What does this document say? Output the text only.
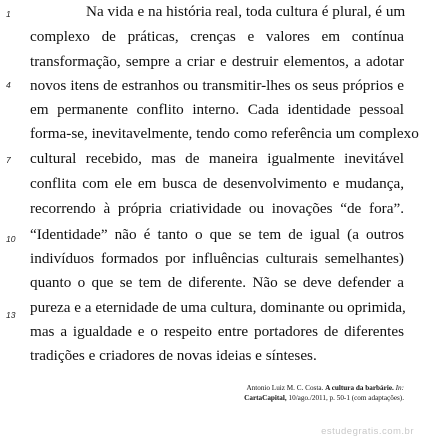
1
4
7
10
13
Na vida e na história real, toda cultura é plural, é um
complexo de práticas, crenças e valores em contínua
transformação, sempre a criar e destruir elementos, a adotar
novos itens de estranhos ou transmitir-lhes os seus próprios e
em permanente conflito interno. Cada identidade pessoal
forma-se, inevitavelmente, tendo como referência um complexo
cultural recebido, mas de maneira igualmente inevitável
conflita com ele em busca de desenvolvimento e mudança,
recorrendo à própria criatividade ou inovações “de fora”.
“Identidade” não é tanto o que se tem de igual (a outros
indivíduos formados por influências culturais semelhantes)
quanto o que se tem de diferente. Não se deve defender a
pureza e a eternidade de uma cultura, dominante ou oprimida,
mas a igualdade e o respeito entre portadores de diferentes
tradições e criadores de novas ideias e sínteses.
Antonio Luiz M. C. Costa. A cultura da barbárie. In:
CartaCapital, 10/ago./2011, p. 50-1 (com adaptações).
estudegratis.com.br
